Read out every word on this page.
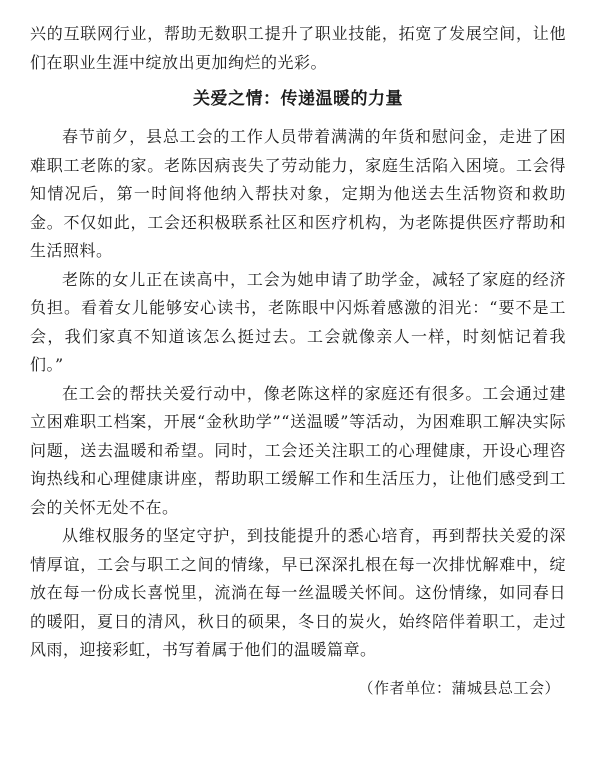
兴的互联网行业，帮助无数职工提升了职业技能，拓宽了发展空间，让他们在职业生涯中绽放出更加绚烂的光彩。

关爱之情：传递温暖的力量

春节前夕，县总工会的工作人员带着满满的年货和慰问金，走进了困难职工老陈的家。老陈因病丧失了劳动能力，家庭生活陷入困境。工会得知情况后，第一时间将他纳入帮扶对象，定期为他送去生活物资和救助金。不仅如此，工会还积极联系社区和医疗机构，为老陈提供医疗帮助和生活照料。

老陈的女儿正在读高中，工会为她申请了助学金，减轻了家庭的经济负担。看着女儿能够安心读书，老陈眼中闪烁着感激的泪光：“要不是工会，我们家真不知道该怎么挺过去。工会就像亲人一样，时刻惦记着我们。”

在工会的帮扶关爱行动中，像老陈这样的家庭还有很多。工会通过建立困难职工档案，开展“金秋助学”“送温暖”等活动，为困难职工解决实际问题，送去温暖和希望。同时，工会还关注职工的心理健康，开设心理咨询热线和心理健康讲座，帮助职工缓解工作和生活压力，让他们感受到工会的关怀无处不在。

从维权服务的坚定守护，到技能提升的悉心培育，再到帮扶关爱的深情厚谊，工会与职工之间的情缘，早已深深扎根在每一次排忧解难中，绽放在每一份成长喜悦里，流淌在每一丝温暖关怀间。这份情缘，如同春日的暖阳，夏日的清风，秋日的硕果，冬日的炭火，始终陪伴着职工，走过风雨，迎接彩虹，书写着属于他们的温暖篇章。

（作者单位：蒲城县总工会）
